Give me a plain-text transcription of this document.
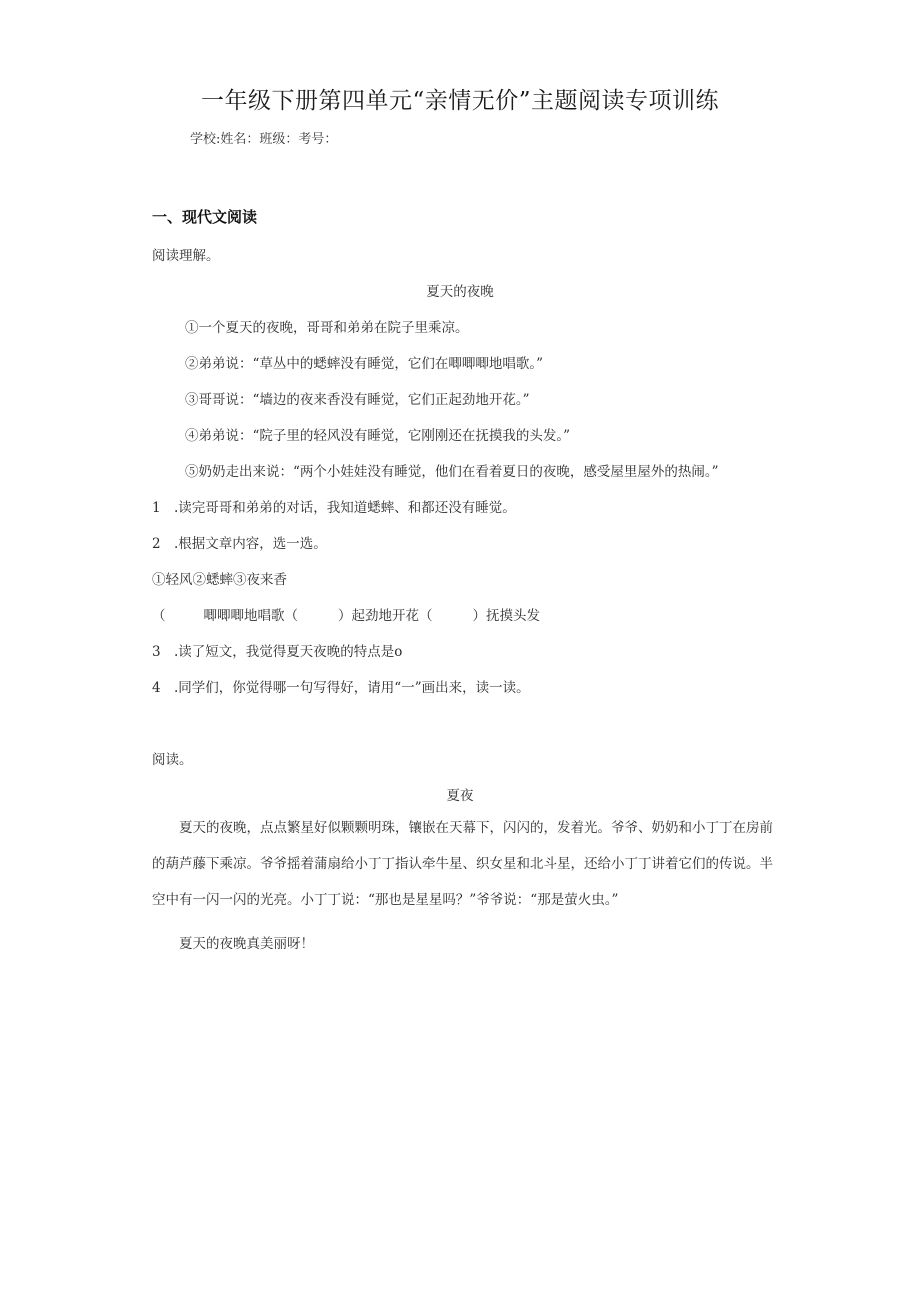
一年级下册第四单元“亲情无价”主题阅读专项训练
学校:姓名：班级：考号：
一、现代文阅读
阅读理解。
夏天的夜晚
①一个夏天的夜晚，哥哥和弟弟在院子里乘凉。
②弟弟说：“草丛中的蟋蟀没有睡觉，它们在唧唧唧地唱歌。”
③哥哥说：“墙边的夜来香没有睡觉，它们正起劲地开花。”
④弟弟说：“院子里的轻风没有睡觉，它刚刚还在抚摸我的头发。”
⑤奶奶走出来说：“两个小娃娃没有睡觉，他们在看着夏日的夜晚，感受屋里屋外的热闹。”
1 .读完哥哥和弟弟的对话，我知道蟋蟀、和都还没有睡觉。
2 .根据文章内容，选一选。
①轻风②蟋蟀③夜来香
（	唧唧唧地唱歌（	）起劲地开花（	）抚摸头发
3 .读了短文，我觉得夏天夜晚的特点是o
4 .同学们，你觉得哪一句写得好，请用“一”画出来，读一读。
阅读。
夏夜
夏天的夜晚，点点繁星好似颗颗明珠，镶嵌在天幕下，闪闪的，发着光。爷爷、奶奶和小丁丁在房前的葫芦藤下乘凉。爷爷摇着蒲扇给小丁丁指认牵牛星、织女星和北斗星，还给小丁丁讲着它们的传说。半空中有一闪一闪的光亮。小丁丁说：“那也是星星吗？”爷爷说：“那是萤火虫。”
夏天的夜晚真美丽呀！
